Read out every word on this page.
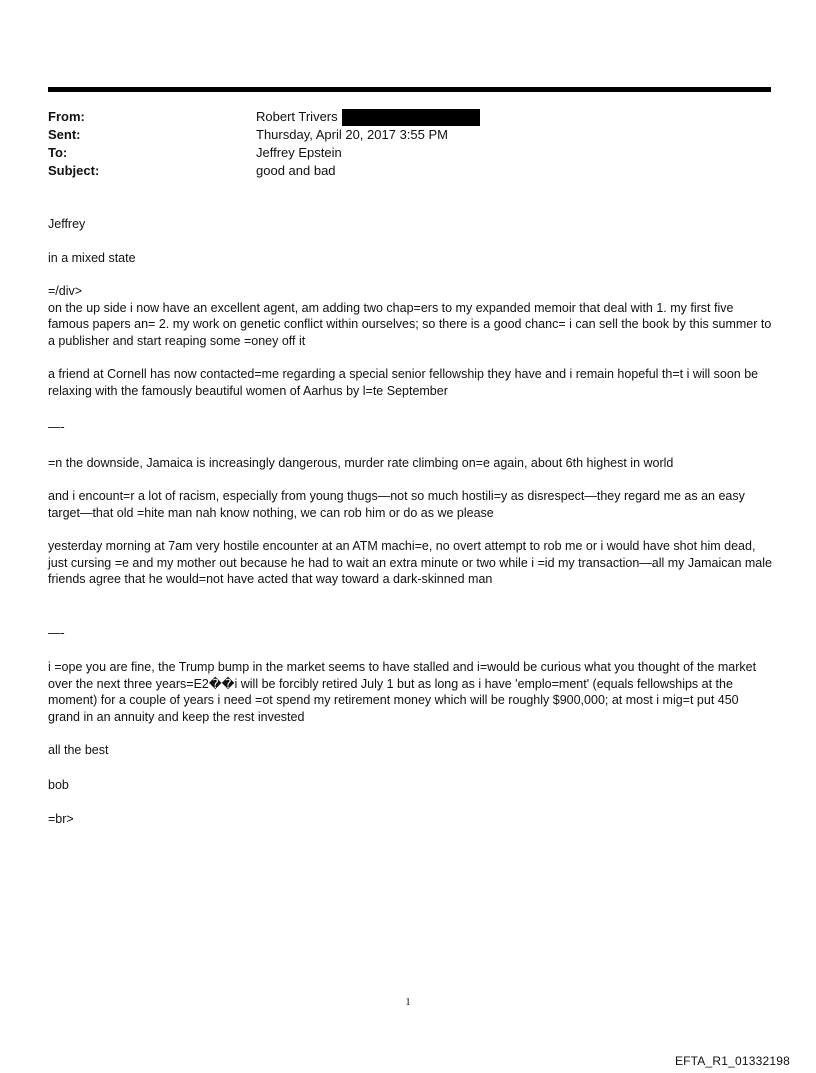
From:	Robert Trivers
Sent:	Thursday, April 20, 2017 3:55 PM
To:	Jeffrey Epstein
Subject:	good and bad

Jeffrey

in a mixed state

=/div>

on the up side i now have an excellent agent, am adding two chap=ers to my expanded memoir that deal with 1. my first five famous papers an= 2. my work on genetic conflict within ourselves; so there is a good chanc= i can sell the book by this summer to a publisher and start reaping some =oney off it

a friend at Cornell has now contacted=me regarding a special senior fellowship they have and i remain hopeful th=t i will soon be relaxing with the famously beautiful women of Aarhus by l=te September

—-

=n the downside, Jamaica is increasingly dangerous, murder rate climbing on=e again, about 6th highest in world

and i encount=r a lot of racism, especially from young thugs—not so much hostili=y as disrespect—they regard me as an easy target—that old =hite man nah know nothing, we can rob him or do as we please

yesterday morning at 7am very hostile encounter at an ATM machi=e, no overt attempt to rob me or i would have shot him dead, just cursing =e and my mother out because he had to wait an extra minute or two while i =id my transaction—all my Jamaican male friends agree that he would=not have acted that way toward a dark-skinned man

—-

i =ope you are fine, the Trump bump in the market seems to have stalled and i=would be curious what you thought of the market over the next three years=E2��i will be forcibly retired July 1 but as long as i have 'emplo=ment' (equals fellowships at the moment) for a couple of years i need =ot spend my retirement money which will be roughly $900,000; at most i mig=t put 450 grand in an annuity and keep the rest invested

all the best

bob

=br>

1
EFTA_R1_01332198
